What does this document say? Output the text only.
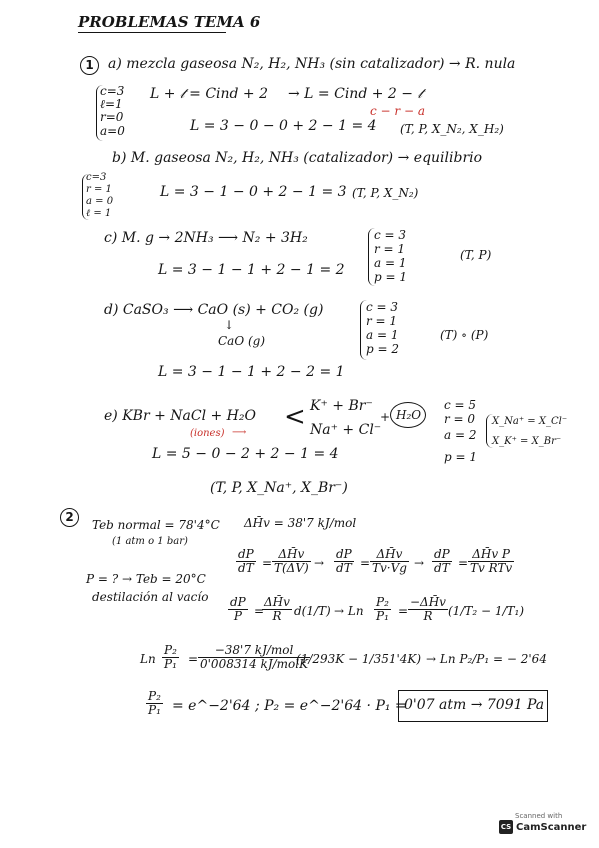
PROBLEMAS TEMA 6
1	a) mezcla gaseosa N₂, H₂, NH₃ (sin catalizador) → R. nula
c=3
ℓ=1
r=0
a=0
L + 𝓉 = Cind + 2 → L = Cind + 2 − 𝓉
c − r − a
L = 3 − 0 − 0 + 2 − 1 = 4 (T, P, X_N₂, X_H₂)
b) M. gaseosa N₂, H₂, NH₃ (catalizador) → equilibrio
c=3
r = 1
a = 0
ℓ = 1
L = 3 − 1 − 0 + 2 − 1 = 3 (T, P, X_N₂)
c) M. g → 2NH₃ ⟶ N₂ + 3H₂
L = 3 − 1 − 1 + 2 − 1 = 2
c = 3
r = 1
a = 1
p = 1
(T, P)
d) CaSO₃ ⟶ CaO (s) + CO₂ (g)
↓
CaO (g)
L = 3 − 1 − 1 + 2 − 2 = 1
c = 3
r = 1
a = 1
p = 2
(T) ∘ (P)
e) KBr + NaCl + H₂O
(iones) ⟶
< K⁺ + Br⁻
Na⁺ + Cl⁻
+ H₂O
L = 5 − 0 − 2 + 2 − 1 = 4
c = 5
r = 0
a = 2
p = 1
X_Na⁺ = X_Cl⁻
X_K⁺ = X_Br⁻
(T, P, X_Na⁺, X_Br⁻)
2
Teb normal = 78'4°C
(1 atm o 1 bar)
ΔH̄v = 38'7 kJ/mol
P = ? → Teb = 20°C
destilación al vacío
$\frac{dP}{dT} = \frac{\Delta H̄v}{T(\Delta V̄)} \to \frac{dP}{dT} = \frac{\Delta H̄v}{Tv\cdot V̄g} \to \frac{dP}{dT}$ =
ΔH̄v P
Tv RTv
$\frac{dP}{P}$ =
$\frac{\Delta H̄v}{R} d(1/T) \to Ln \frac{\text{P₂}}{\text{P₁}} = \frac{-\Delta H̄v}{R} (1/T_2 - 1/T_1)$
Ln $\frac{\text{P₂}}{\text{P₁}}$ =
−38'7 kJ/mol
0'008314 kJ/molK
(1/293K − 1/351'4K) → Ln P₂/P₁ = − 2'64
$\frac{\text{P₂}}{\text{P₁}}$ = e^−2'64 ; P₂ = e^−2'64 · P₁ =
0'07 atm → 7091 Pa
Scanned with
CS CamScanner
